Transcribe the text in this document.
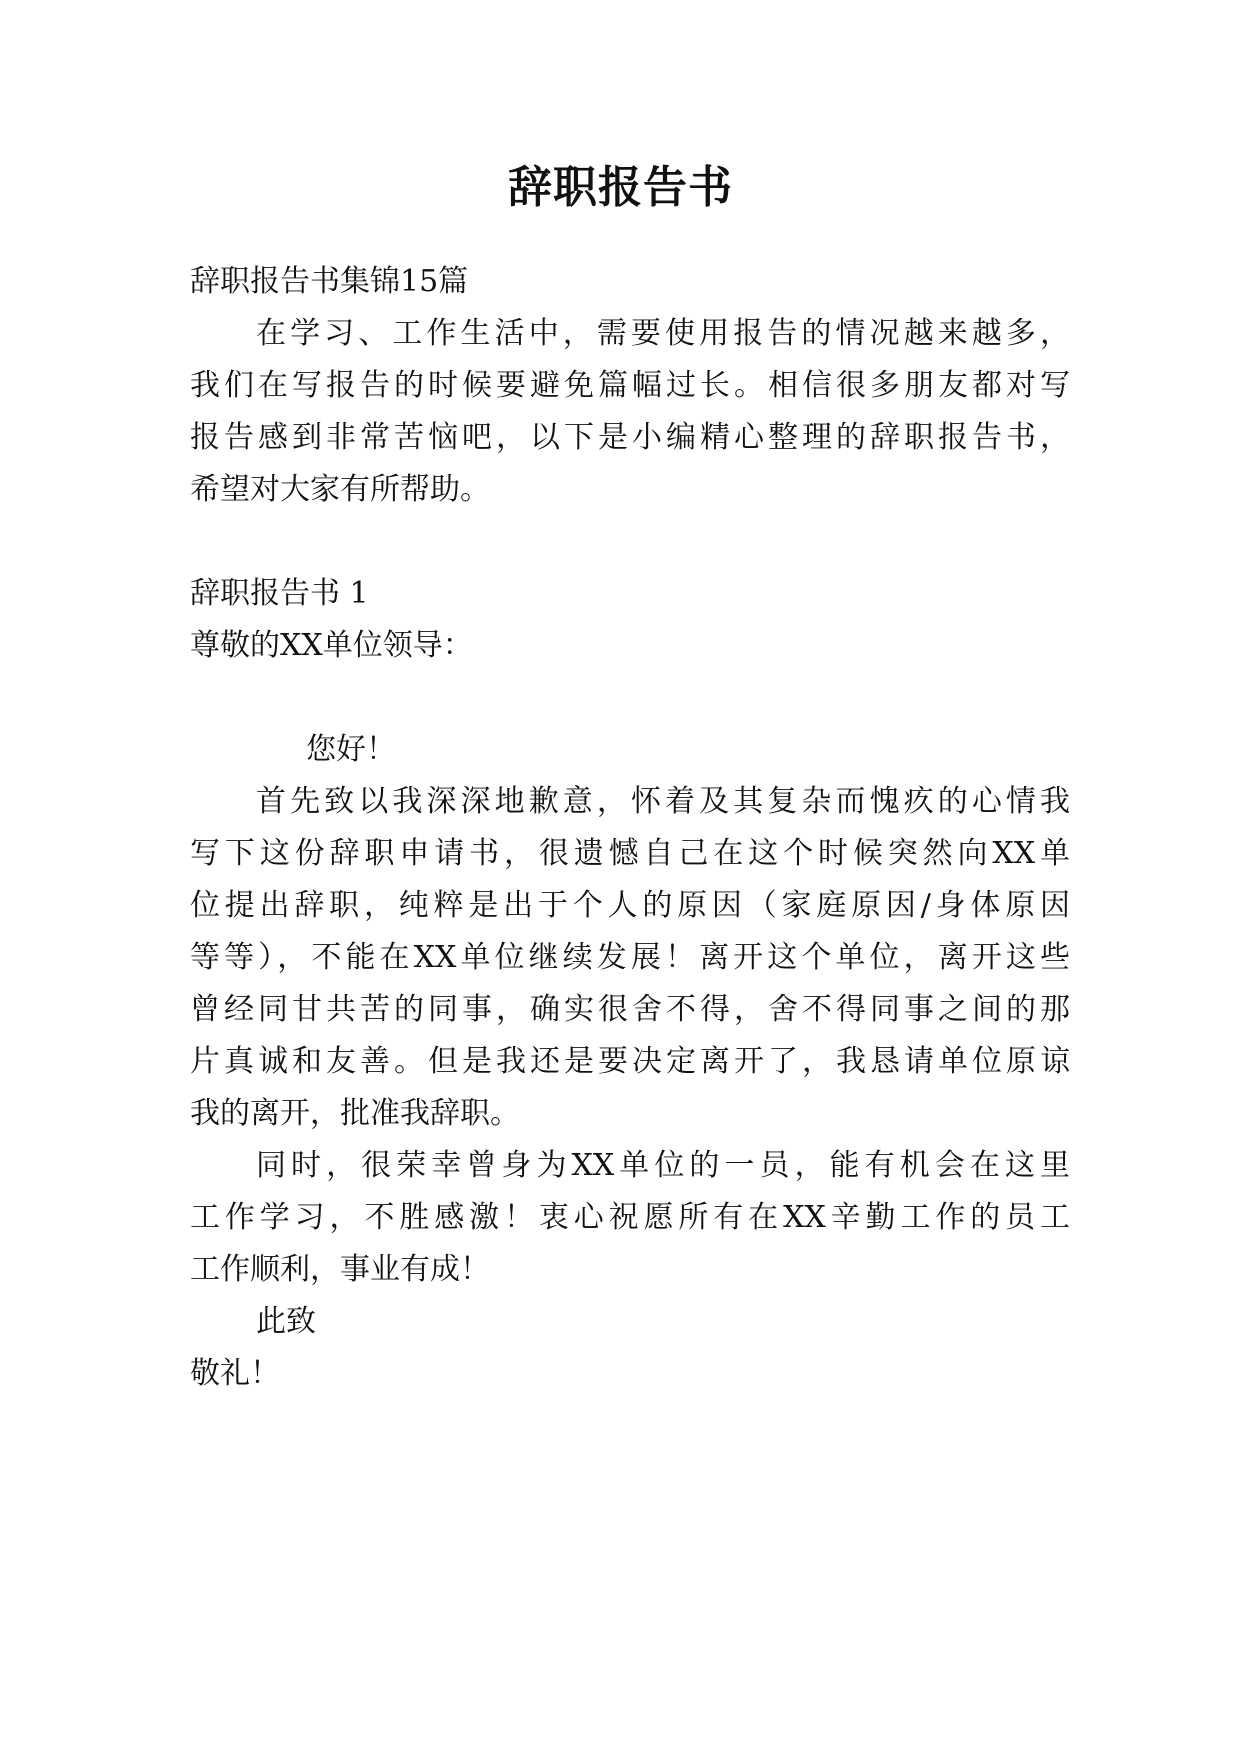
辞职报告书

辞职报告书集锦15篇

在学习、工作生活中，需要使用报告的情况越来越多，

我们在写报告的时候要避免篇幅过长。相信很多朋友都对写

报告感到非常苦恼吧，以下是小编精心整理的辞职报告书，

希望对大家有所帮助。

辞职报告书 1

尊敬的XX单位领导：

您好！

首先致以我深深地歉意，怀着及其复杂而愧疚的心情我

写下这份辞职申请书，很遗憾自己在这个时候突然向XX单

位提出辞职，纯粹是出于个人的原因（家庭原因/身体原因

等等），不能在XX单位继续发展！离开这个单位，离开这些

曾经同甘共苦的同事，确实很舍不得，舍不得同事之间的那

片真诚和友善。但是我还是要决定离开了，我恳请单位原谅

我的离开，批准我辞职。

同时，很荣幸曾身为XX单位的一员，能有机会在这里

工作学习，不胜感激！衷心祝愿所有在XX辛勤工作的员工

工作顺利，事业有成！

此致

敬礼！
